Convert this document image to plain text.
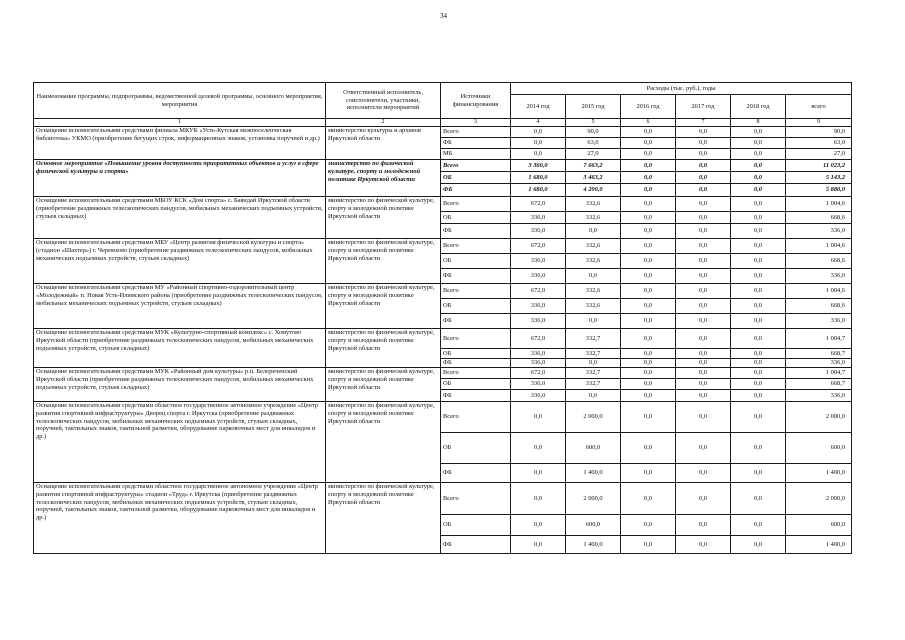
34
Наименование программы, подпрограммы, ведомственной целевой программы, основного мероприятия, мероприятия	Ответственный исполнитель, соисполнители, участники, исполнители мероприятий	Источники финансирования	Расходы (тыс. руб.), годы					
			2014 год	2015 год	2016 год	2017 год	2018 год	всего
1	2	3	4	5	6	7	8	9
Оснащение вспомогательными средствами филиала МКУК «Усть-Кутская межпоселенческая библиотека» УКМО (приобретение бегущих строк, информационных знаков, установка поручней и др.)	министерство культуры и архивов Иркутской области	Всего	0,0	90,0	0,0	0,0	0,0	90,0
		ФБ	0,0	63,0	0,0	0,0	0,0	63,0
		МБ	0,0	27,0	0,0	0,0	0,0	27,0
Основное мероприятие «Повышение уровня доступности приоритетных объектов и услуг в сфере физической культуры и спорта»	министерство по физической культуре, спорту и молодежной политике Иркутской области	Всего	3 360,0	7 663,2	0,0	0,0	0,0	11 023,2
		ОБ	1 680,0	3 463,2	0,0	0,0	0,0	5 143,2
		ФБ	1 680,0	4 200,0	0,0	0,0	0,0	5 880,0
Оснащение вспомогательными средствами МБОУ КСК «Дом спорта» с. Баяндай Иркутской области (приобретение раздвижных телескопических пандусов, мобильных механических подъемных устройств, стульев складных)	министерство по физической культуре, спорту и молодежной политике Иркутской области	Всего	672,0	332,6	0,0	0,0	0,0	1 004,6
		ОБ	336,0	332,6	0,0	0,0	0,0	668,6
		ФБ	336,0	0,0	0,0	0,0	0,0	336,0
Оснащение вспомогательными средствами МБУ «Центр развития физической культуры и спорта» (стадион «Шахтер») г. Черемхово (приобретение раздвижных телескопических пандусов, мобильных механических подъемных устройств, стульев складных)	министерство по физической культуре, спорту и молодежной политике Иркутской области	Всего	672,0	332,6	0,0	0,0	0,0	1 004,6
		ОБ	336,0	332,6	0,0	0,0	0,0	668,6
		ФБ	336,0	0,0	0,0	0,0	0,0	336,0
Оснащение вспомогательными средствами МУ «Районный спортивно-оздоровительный центр «Молодежный» п. Новая Усть-Илимского района (приобретение раздвижных телескопических пандусов, мобильных механических подъемных устройств, стульев складных)	министерство по физической культуре, спорту и молодежной политике Иркутской области	Всего	672,0	332,6	0,0	0,0	0,0	1 004,6
		ОБ	336,0	332,6	0,0	0,0	0,0	668,6
		ФБ	336,0	0,0	0,0	0,0	0,0	336,0
Оснащение вспомогательными средствами МУК «Культурно-спортивный комплекс» с. Хомутово Иркутской области (приобретение раздвижных телескопических пандусов, мобильных механических подъемных устройств, стульев складных)	министерство по физической культуре, спорту и молодежной политике Иркутской области	Всего	672,0	332,7	0,0	0,0	0,0	1 004,7
		ОБ	336,0	332,7	0,0	0,0	0,0	668,7
		ФБ	336,0	0,0	0,0	0,0	0,0	336,0
Оснащение вспомогательными средствами МУК «Районный дом культуры» р.п. Белореченский Иркутской области (приобретение раздвижных телескопических пандусов, мобильных механических подъемных устройств, стульев складных)	министерство по физической культуре, спорту и молодежной политике Иркутской области	Всего	672,0	332,7	0,0	0,0	0,0	1 004,7
		ОБ	336,0	332,7	0,0	0,0	0,0	668,7
		ФБ	336,0	0,0	0,0	0,0	0,0	336,0
Оснащение вспомогательными средствами областное государственное автономное учреждение «Центр развития спортивной инфраструктуры» Дворец спорта г. Иркутска (приобретение раздвижных телескопических пандусов, мобильных механических подъемных устройств, стульев складных, поручней, тактильных знаков, тактильной разметки, оборудование парковочных мест для инвалидов и др.)	министерство по физической культуре, спорту и молодежной политике Иркутской области	Всего	0,0	2 000,0	0,0	0,0	0,0	2 000,0
		ОБ	0,0	600,0	0,0	0,0	0,0	600,0
		ФБ	0,0	1 400,0	0,0	0,0	0,0	1 400,0
Оснащение вспомогательными средствами областное государственное автономное учреждение «Центр развития спортивной инфраструктуры» стадион «Труд» г. Иркутска (приобретение раздвижных телескопических пандусов, мобильных механических подъемных устройств, стульев складных, поручней, тактильных знаков, тактильной разметки, оборудование парковочных мест для инвалидов и др.)	министерство по физической культуре, спорту и молодежной политике Иркутской области	Всего	0,0	2 000,0	0,0	0,0	0,0	2 000,0
		ОБ	0,0	600,0	0,0	0,0	0,0	600,0
		ФБ	0,0	1 400,0	0,0	0,0	0,0	1 400,0
